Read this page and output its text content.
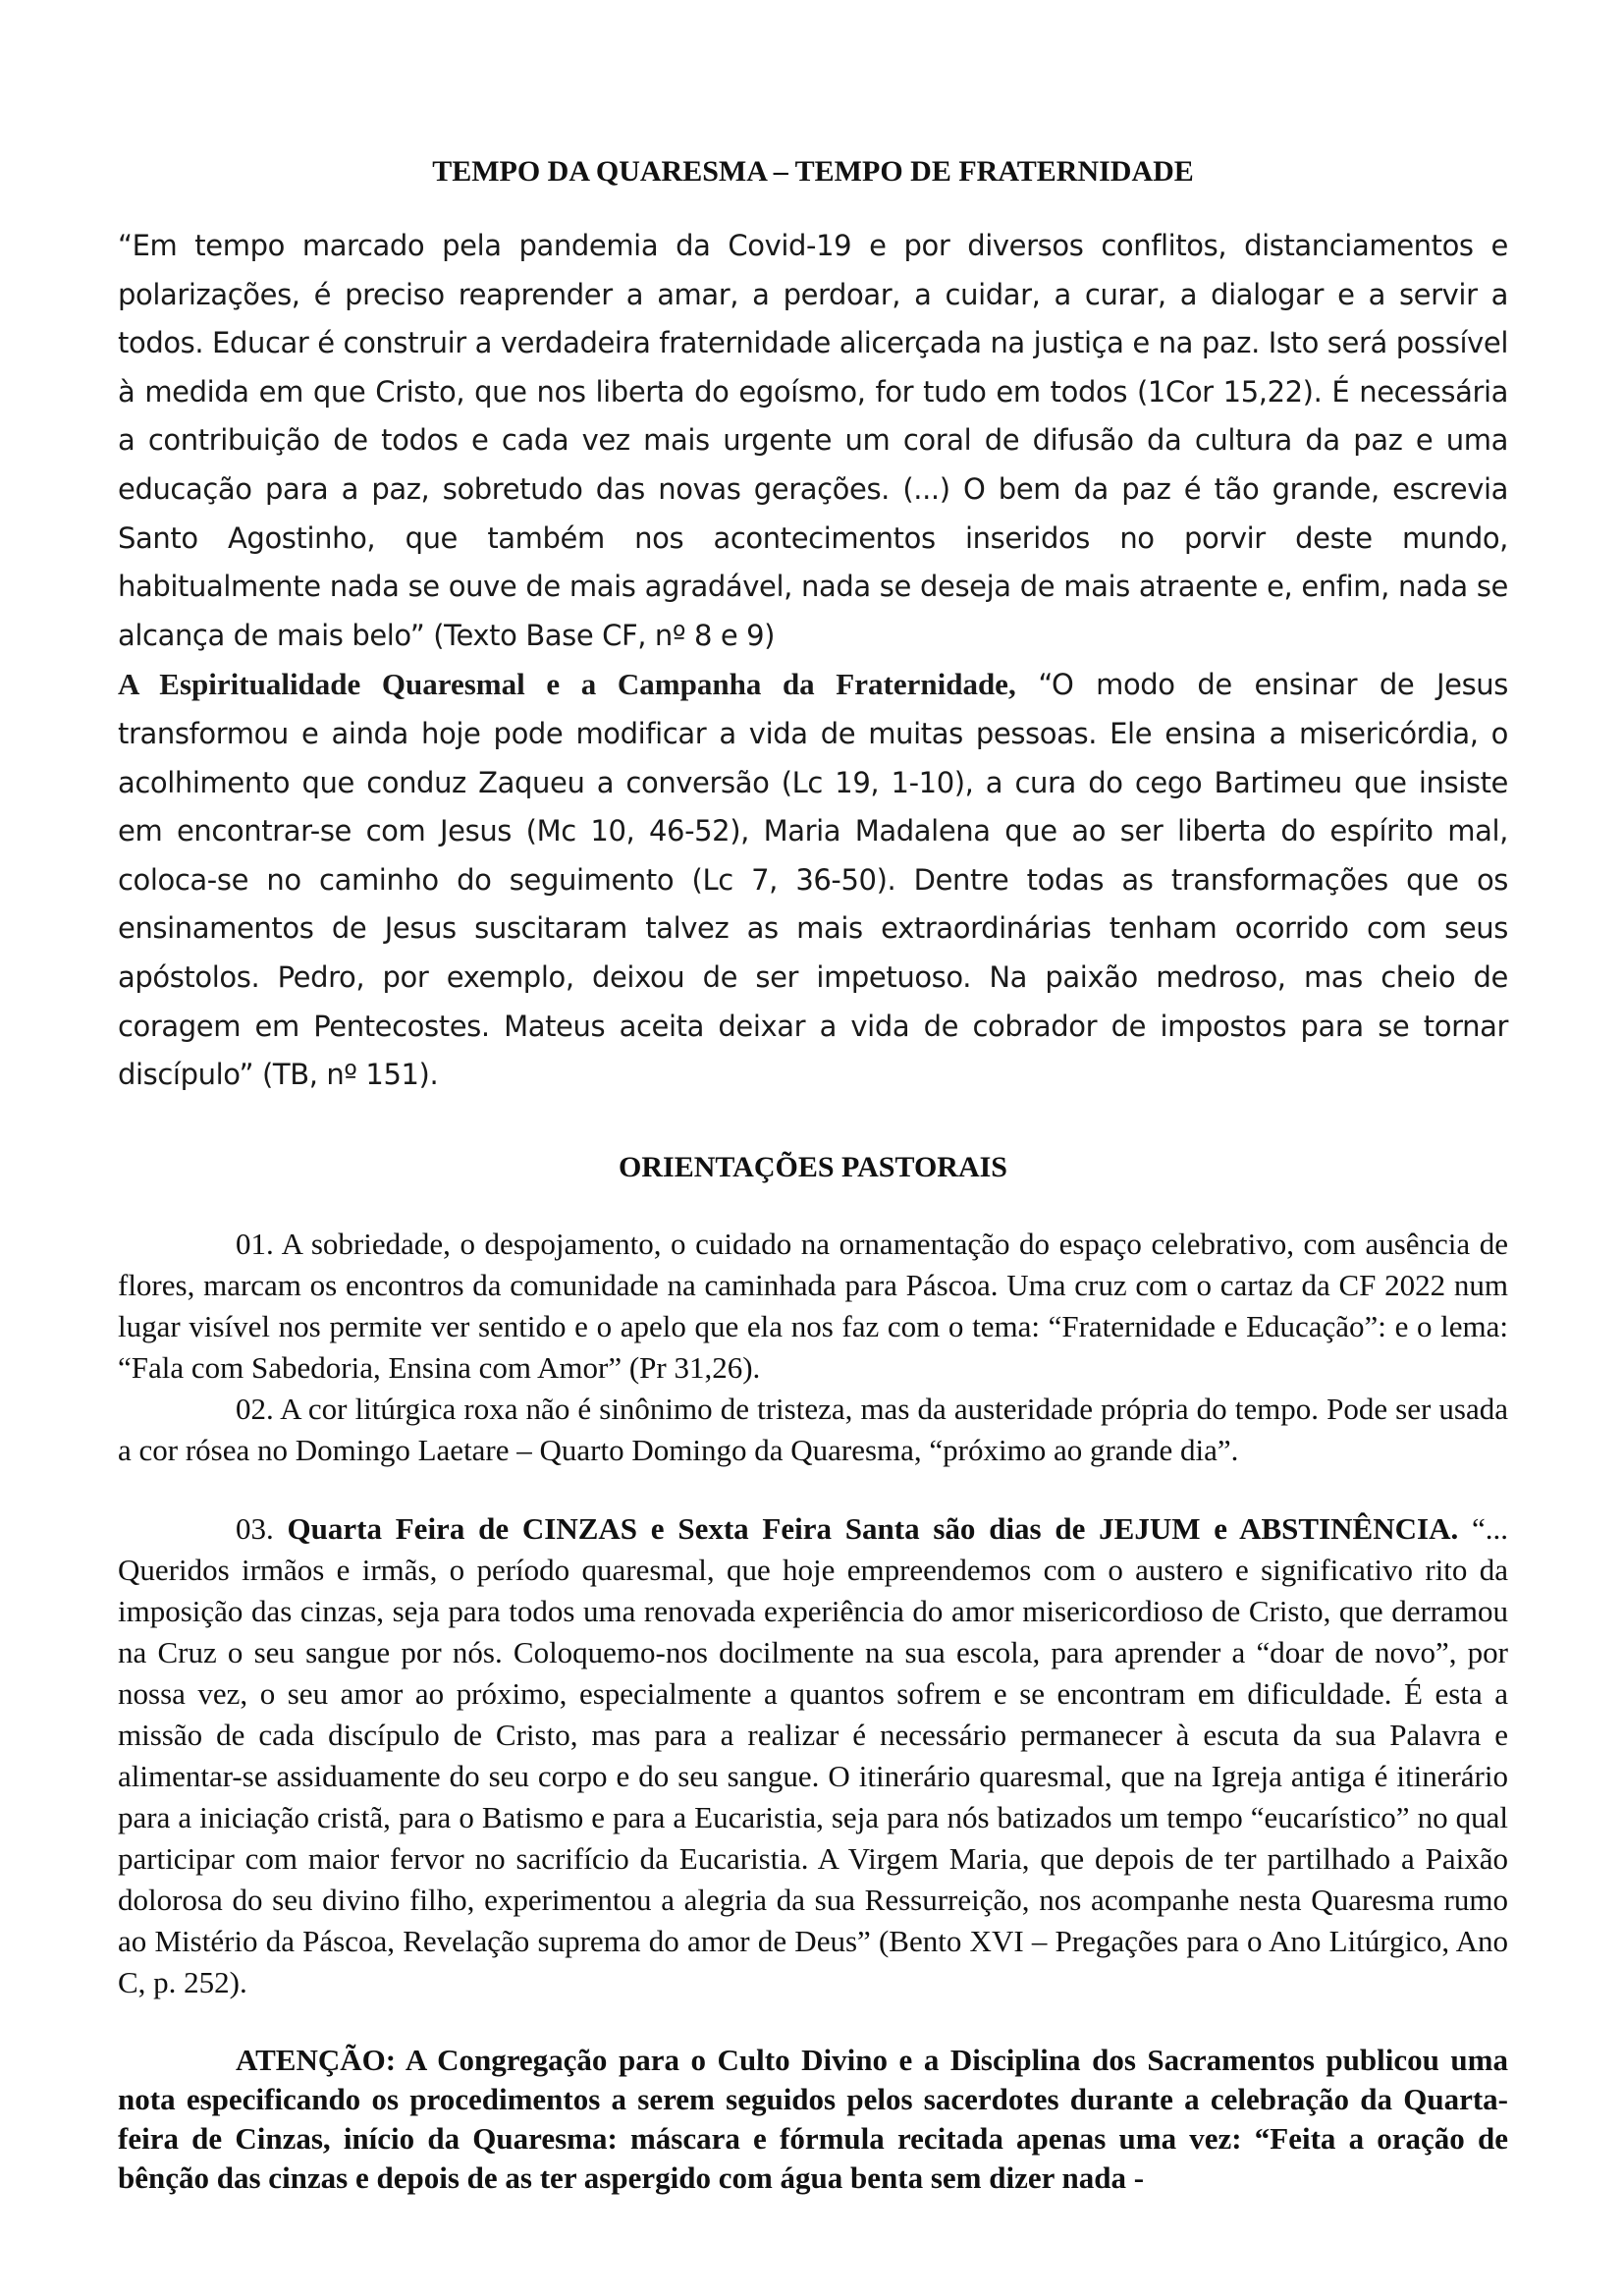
TEMPO DA QUARESMA – TEMPO DE FRATERNIDADE

“Em tempo marcado pela pandemia da Covid-19 e por diversos conflitos, distanciamentos e polarizações, é preciso reaprender a amar, a perdoar, a cuidar, a curar, a dialogar e a servir a todos. Educar é construir a verdadeira fraternidade alicerçada na justiça e na paz. Isto será possível à medida em que Cristo, que nos liberta do egoísmo, for tudo em todos (1Cor 15,22). É necessária a contribuição de todos e cada vez mais urgente um coral de difusão da cultura da paz e uma educação para a paz, sobretudo das novas gerações. (...) O bem da paz é tão grande, escrevia Santo Agostinho, que também nos acontecimentos inseridos no porvir deste mundo, habitualmente nada se ouve de mais agradável, nada se deseja de mais atraente e, enfim, nada se alcança de mais belo” (Texto Base CF, nº 8 e 9)

A Espiritualidade Quaresmal e a Campanha da Fraternidade, “O modo de ensinar de Jesus transformou e ainda hoje pode modificar a vida de muitas pessoas. Ele ensina a misericórdia, o acolhimento que conduz Zaqueu a conversão (Lc 19, 1-10), a cura do cego Bartimeu que insiste em encontrar-se com Jesus (Mc 10, 46-52), Maria Madalena que ao ser liberta do espírito mal, coloca-se no caminho do seguimento (Lc 7, 36-50). Dentre todas as transformações que os ensinamentos de Jesus suscitaram talvez as mais extraordinárias tenham ocorrido com seus apóstolos. Pedro, por exemplo, deixou de ser impetuoso. Na paixão medroso, mas cheio de coragem em Pentecostes. Mateus aceita deixar a vida de cobrador de impostos para se tornar discípulo” (TB, nº 151).

ORIENTAÇÕES PASTORAIS

01. A sobriedade, o despojamento, o cuidado na ornamentação do espaço celebrativo, com ausência de flores, marcam os encontros da comunidade na caminhada para Páscoa. Uma cruz com o cartaz da CF 2022 num lugar visível nos permite ver sentido e o apelo que ela nos faz com o tema: “Fraternidade e Educação”: e o lema: “Fala com Sabedoria, Ensina com Amor” (Pr 31,26).

02. A cor litúrgica roxa não é sinônimo de tristeza, mas da austeridade própria do tempo. Pode ser usada a cor rósea no Domingo Laetare – Quarto Domingo da Quaresma, “próximo ao grande dia”.

03. Quarta Feira de CINZAS e Sexta Feira Santa são dias de JEJUM e ABSTINÊNCIA. “... Queridos irmãos e irmãs, o período quaresmal, que hoje empreendemos com o austero e significativo rito da imposição das cinzas, seja para todos uma renovada experiência do amor misericordioso de Cristo, que derramou na Cruz o seu sangue por nós. Coloquemo-nos docilmente na sua escola, para aprender a “doar de novo”, por nossa vez, o seu amor ao próximo, especialmente a quantos sofrem e se encontram em dificuldade. É esta a missão de cada discípulo de Cristo, mas para a realizar é necessário permanecer à escuta da sua Palavra e alimentar-se assiduamente do seu corpo e do seu sangue. O itinerário quaresmal, que na Igreja antiga é itinerário para a iniciação cristã, para o Batismo e para a Eucaristia, seja para nós batizados um tempo “eucarístico” no qual participar com maior fervor no sacrifício da Eucaristia. A Virgem Maria, que depois de ter partilhado a Paixão dolorosa do seu divino filho, experimentou a alegria da sua Ressurreição, nos acompanhe nesta Quaresma rumo ao Mistério da Páscoa, Revelação suprema do amor de Deus” (Bento XVI – Pregações para o Ano Litúrgico, Ano C, p. 252).

ATENÇÃO: A Congregação para o Culto Divino e a Disciplina dos Sacramentos publicou uma nota especificando os procedimentos a serem seguidos pelos sacerdotes durante a celebração da Quarta-feira de Cinzas, início da Quaresma: máscara e fórmula recitada apenas uma vez: “Feita a oração de bênção das cinzas e depois de as ter aspergido com água benta sem dizer nada -
